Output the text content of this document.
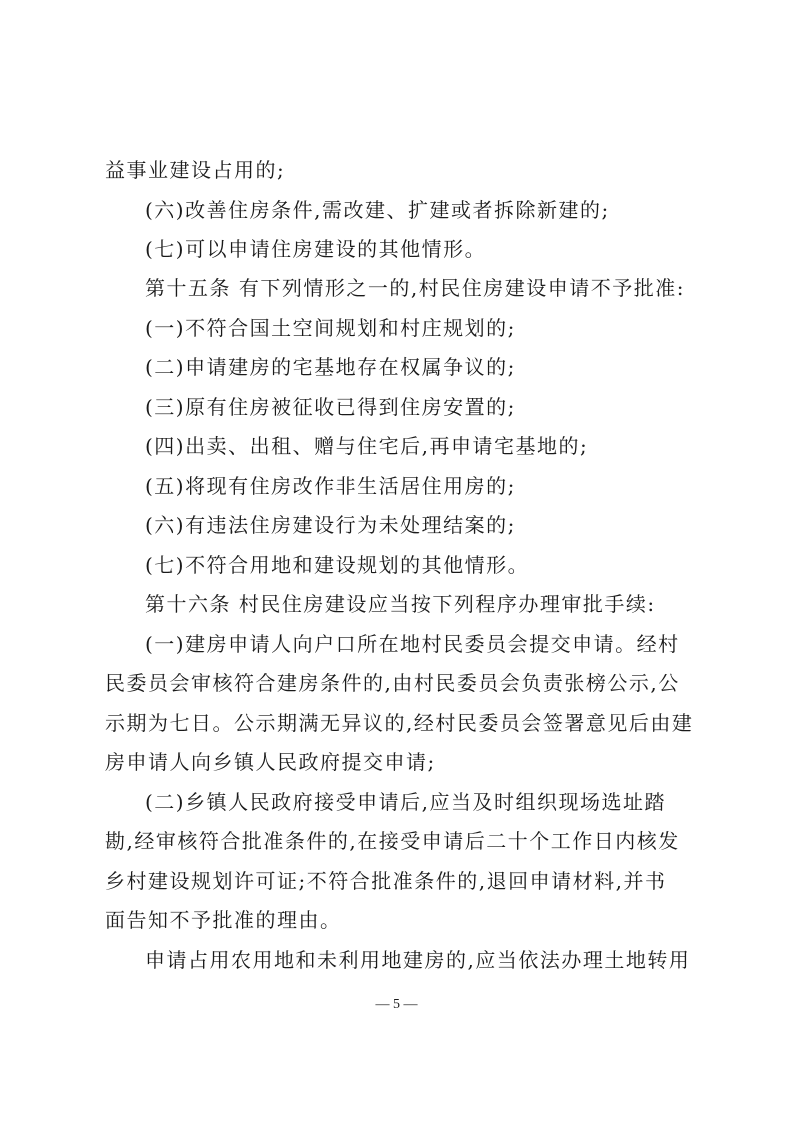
益事业建设占用的;
(六)改善住房条件,需改建、扩建或者拆除新建的;
(七)可以申请住房建设的其他情形。
第十五条 有下列情形之一的,村民住房建设申请不予批准:
(一)不符合国土空间规划和村庄规划的;
(二)申请建房的宅基地存在权属争议的;
(三)原有住房被征收已得到住房安置的;
(四)出卖、出租、赠与住宅后,再申请宅基地的;
(五)将现有住房改作非生活居住用房的;
(六)有违法住房建设行为未处理结案的;
(七)不符合用地和建设规划的其他情形。
第十六条 村民住房建设应当按下列程序办理审批手续:
(一)建房申请人向户口所在地村民委员会提交申请。经村
民委员会审核符合建房条件的,由村民委员会负责张榜公示,公
示期为七日。公示期满无异议的,经村民委员会签署意见后由建
房申请人向乡镇人民政府提交申请;
(二)乡镇人民政府接受申请后,应当及时组织现场选址踏
勘,经审核符合批准条件的,在接受申请后二十个工作日内核发
乡村建设规划许可证;不符合批准条件的,退回申请材料,并书
面告知不予批准的理由。
申请占用农用地和未利用地建房的,应当依法办理土地转用
— 5 —
